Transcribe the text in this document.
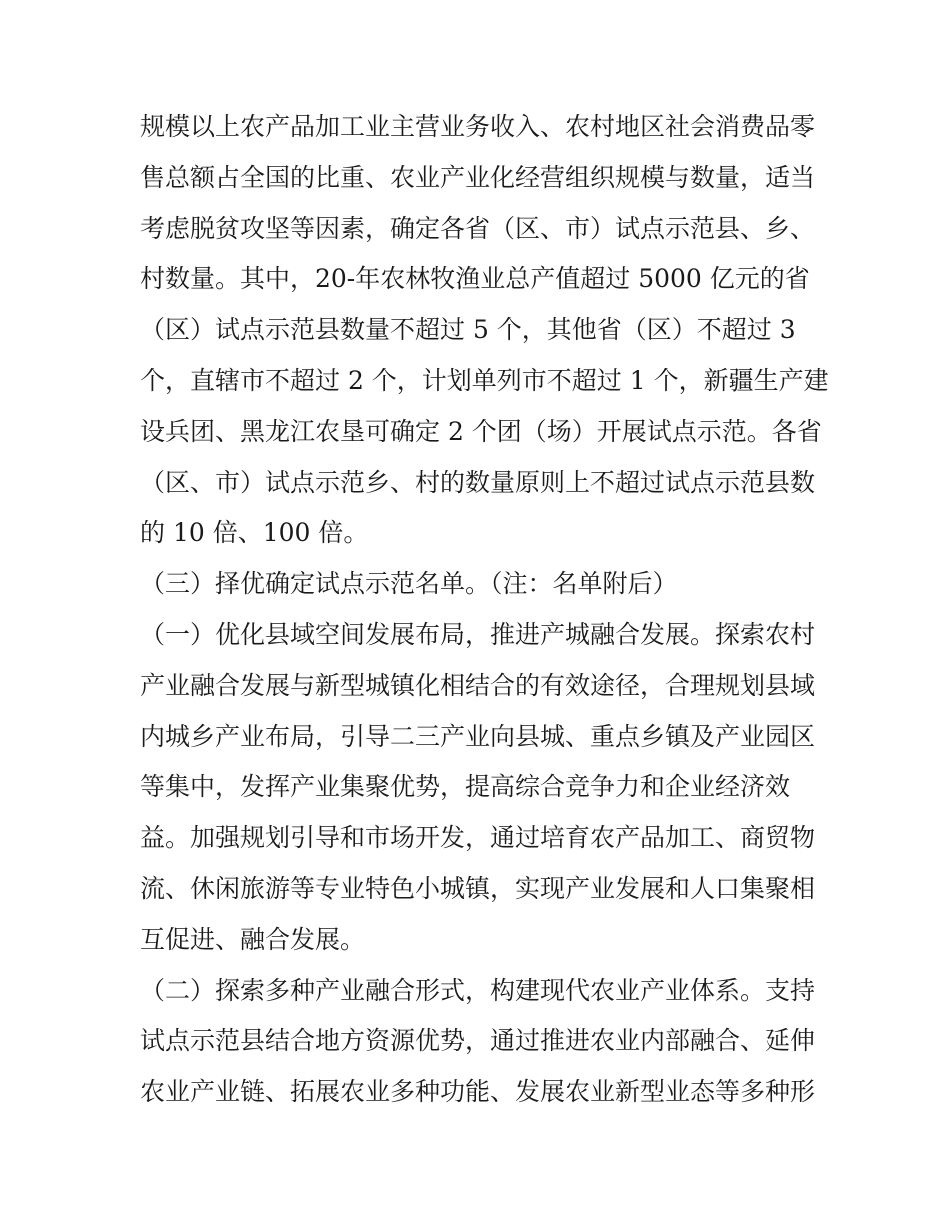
规模以上农产品加工业主营业务收入、农村地区社会消费品零
售总额占全国的比重、农业产业化经营组织规模与数量，适当
考虑脱贫攻坚等因素，确定各省（区、市）试点示范县、乡、
村数量。其中，20-年农林牧渔业总产值超过 5000 亿元的省
（区）试点示范县数量不超过 5 个，其他省（区）不超过 3
个，直辖市不超过 2 个，计划单列市不超过 1 个，新疆生产建
设兵团、黑龙江农垦可确定 2 个团（场）开展试点示范。各省
（区、市）试点示范乡、村的数量原则上不超过试点示范县数
的 10 倍、100 倍。
（三）择优确定试点示范名单。（注：名单附后）
（一）优化县域空间发展布局，推进产城融合发展。探索农村
产业融合发展与新型城镇化相结合的有效途径，合理规划县域
内城乡产业布局，引导二三产业向县城、重点乡镇及产业园区
等集中，发挥产业集聚优势，提高综合竞争力和企业经济效
益。加强规划引导和市场开发，通过培育农产品加工、商贸物
流、休闲旅游等专业特色小城镇，实现产业发展和人口集聚相
互促进、融合发展。
（二）探索多种产业融合形式，构建现代农业产业体系。支持
试点示范县结合地方资源优势，通过推进农业内部融合、延伸
农业产业链、拓展农业多种功能、发展农业新型业态等多种形
